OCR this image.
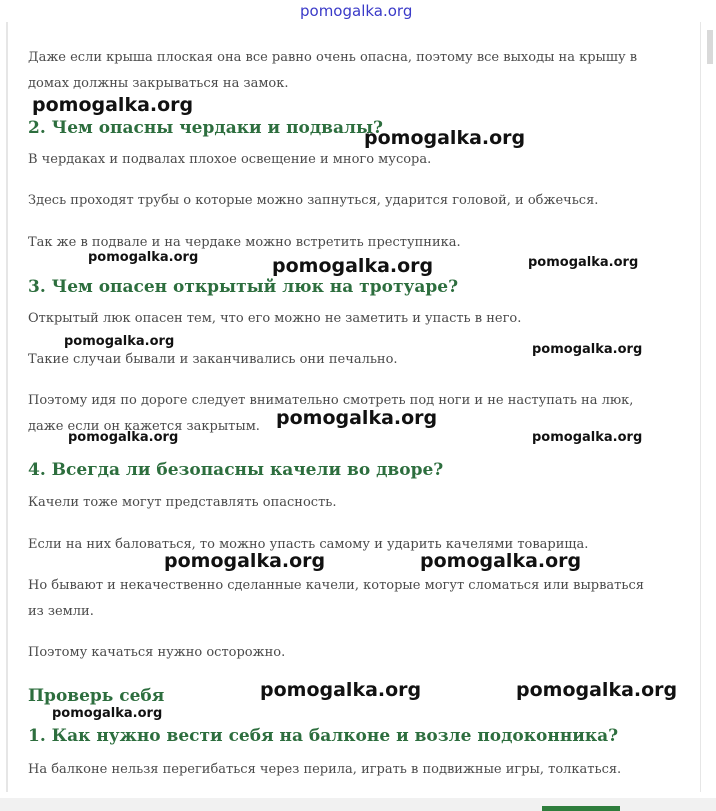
pomogalka.org

Даже если крыша плоская она все равно очень опасна, поэтому все выходы на крышу в

домах должны закрываться на замок.

2. Чем опасны чердаки и подвалы?

В чердаках и подвалах плохое освещение и много мусора.

Здесь проходят трубы о которые можно запнуться, ударится головой, и обжечься.

Так же в подвале и на чердаке можно встретить преступника.

3. Чем опасен открытый люк на тротуаре?

Открытый люк опасен тем, что его можно не заметить и упасть в него.

Такие случаи бывали и заканчивались они печально.

Поэтому идя по дороге следует внимательно смотреть под ноги и не наступать на люк,

даже если он кажется закрытым.

4. Всегда ли безопасны качели во дворе?

Качели тоже могут представлять опасность.

Если на них баловаться, то можно упасть самому и ударить качелями товарища.

Но бывают и некачественно сделанные качели, которые могут сломаться или вырваться

из земли.

Поэтому качаться нужно осторожно.

Проверь себя
1. Как нужно вести себя на балконе и возле подоконника?

На балконе нельзя перегибаться через перила, играть в подвижные игры, толкаться.

pomogalka.org
pomogalka.org
pomogalka.org	pomogalka.org	pomogalka.org
pomogalka.org
pomogalka.org
pomogalka.org
pomogalka.org	pomogalka.org
pomogalka.org	pomogalka.org
pomogalka.org	pomogalka.org
pomogalka.org
